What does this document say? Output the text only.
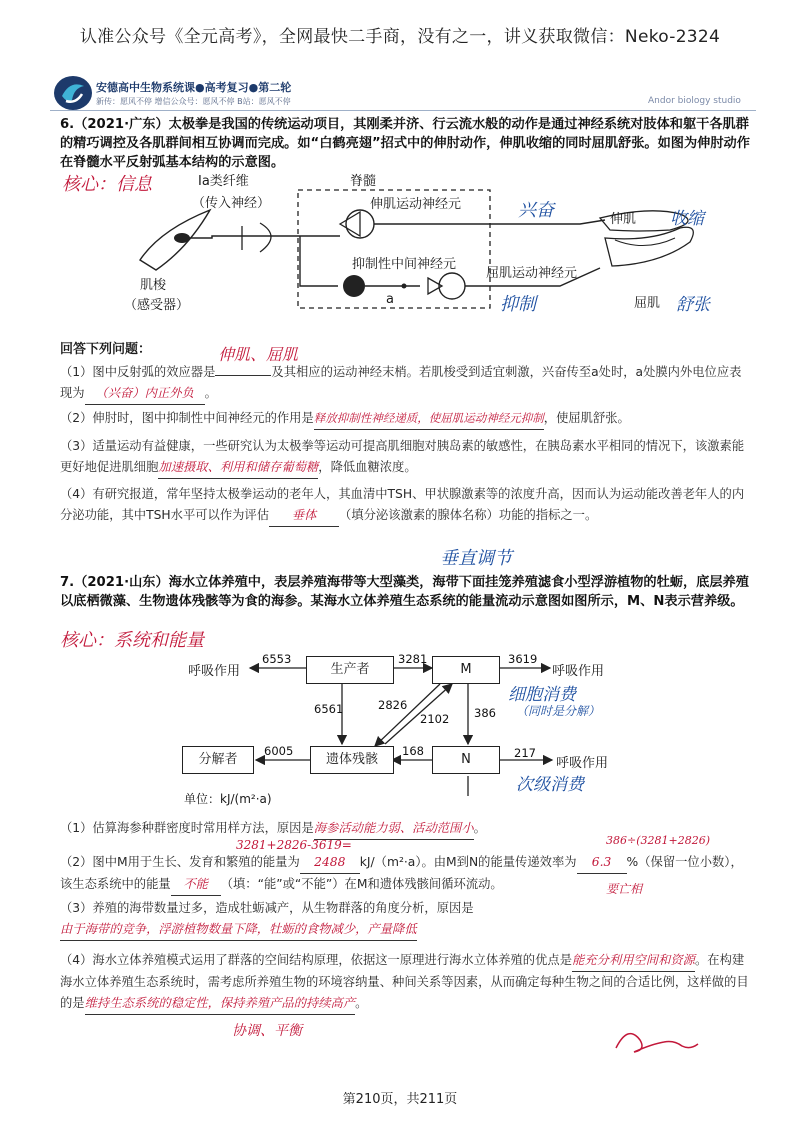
认准公众号《全元高考》，全网最快二手商，没有之一，讲义获取微信：Neko-2324
安德高中生物系统课●高考复习●第二轮
新传：愿风不停 增信公众号：愿风不停 B站：愿风不停	Andor biology studio
6.（2021·广东）太极拳是我国的传统运动项目，其刚柔并济、行云流水般的动作是通过神经系统对肢体和躯干各肌群的精巧调控及各肌群间相互协调而完成。如“白鹤亮翅”招式中的伸肘动作，伸肌收缩的同时屈肌舒张。如图为伸肘动作在脊髓水平反射弧基本结构的示意图。
核心：信息	Ia类纤维
（传入神经）
脊髓
伸肌运动神经元
抑制性中间神经元
a
屈肌运动神经元
肌梭
（感受器）
伸肌
屈肌
兴奋
抑制
收缩
舒张
回答下列问题：	伸肌、屈肌
（1）图中反射弧的效应器是	及其相应的运动神经末梢。若肌梭受到适宜刺激，兴奋传至a处时，a处膜内外电位应表现为 （兴奋）内正外负 。
（2）伸肘时，图中抑制性中间神经元的作用是释放抑制性神经递质，使屈肌运动神经元抑制，使屈肌舒张。
（3）适量运动有益健康，一些研究认为太极拳等运动可提高肌细胞对胰岛素的敏感性，在胰岛素水平相同的情况下，该激素能更好地促进肌细胞加速摄取、利用和储存葡萄糖，降低血糖浓度。
（4）有研究报道，常年坚持太极拳运动的老年人，其血清中TSH、甲状腺激素等的浓度升高，因而认为运动能改善老年人的内分泌功能，其中TSH水平可以作为评估 垂体 （填分泌该激素的腺体名称）功能的指标之一。
垂直调节
7.（2021·山东）海水立体养殖中，表层养殖海带等大型藻类，海带下面挂笼养殖滤食小型浮游植物的牡蛎，底层养殖以底栖微藻、生物遗体残骸等为食的海参。某海水立体养殖生态系统的能量流动示意图如图所示，M、N表示营养级。
核心：系统和能量
呼吸作用	生产者	M	呼吸作用
分解者	遗体残骸	N	呼吸作用
6553	3281	3619
6561	2826
2102 386
6005	168	217
单位：kJ/(m²·a)
细胞消费
（同时是分解）
次级消费
（1）估算海参种群密度时常用样方法，原因是海参活动能力弱、活动范围小。
3281+2826-3619=	386÷(3281+2826)
（2）图中M用于生长、发育和繁殖的能量为 2488 kJ/（m²·a）。由M到N的能量传递效率为 6.3 %（保留一位小数），该生态系统中的能量 不能 （填：“能”或“不能”）在M和遗体残骸间循环流动。	要亡相
（3）养殖的海带数量过多，造成牡蛎减产，从生物群落的角度分析，原因是由于海带的竞争，浮游植物数量下降，牡蛎的食物减少，产量降低
（4）海水立体养殖模式运用了群落的空间结构原理，依据这一原理进行海水立体养殖的优点是能充分利用空间和资源。在构建海水立体养殖生态系统时，需考虑所养殖生物的环境容纳量、种间关系等因素，从而确定每种生物之间的合适比例，这样做的目的是维持生态系统的稳定性，保持养殖产品的持续高产。
协调、平衡
第210页，共211页
